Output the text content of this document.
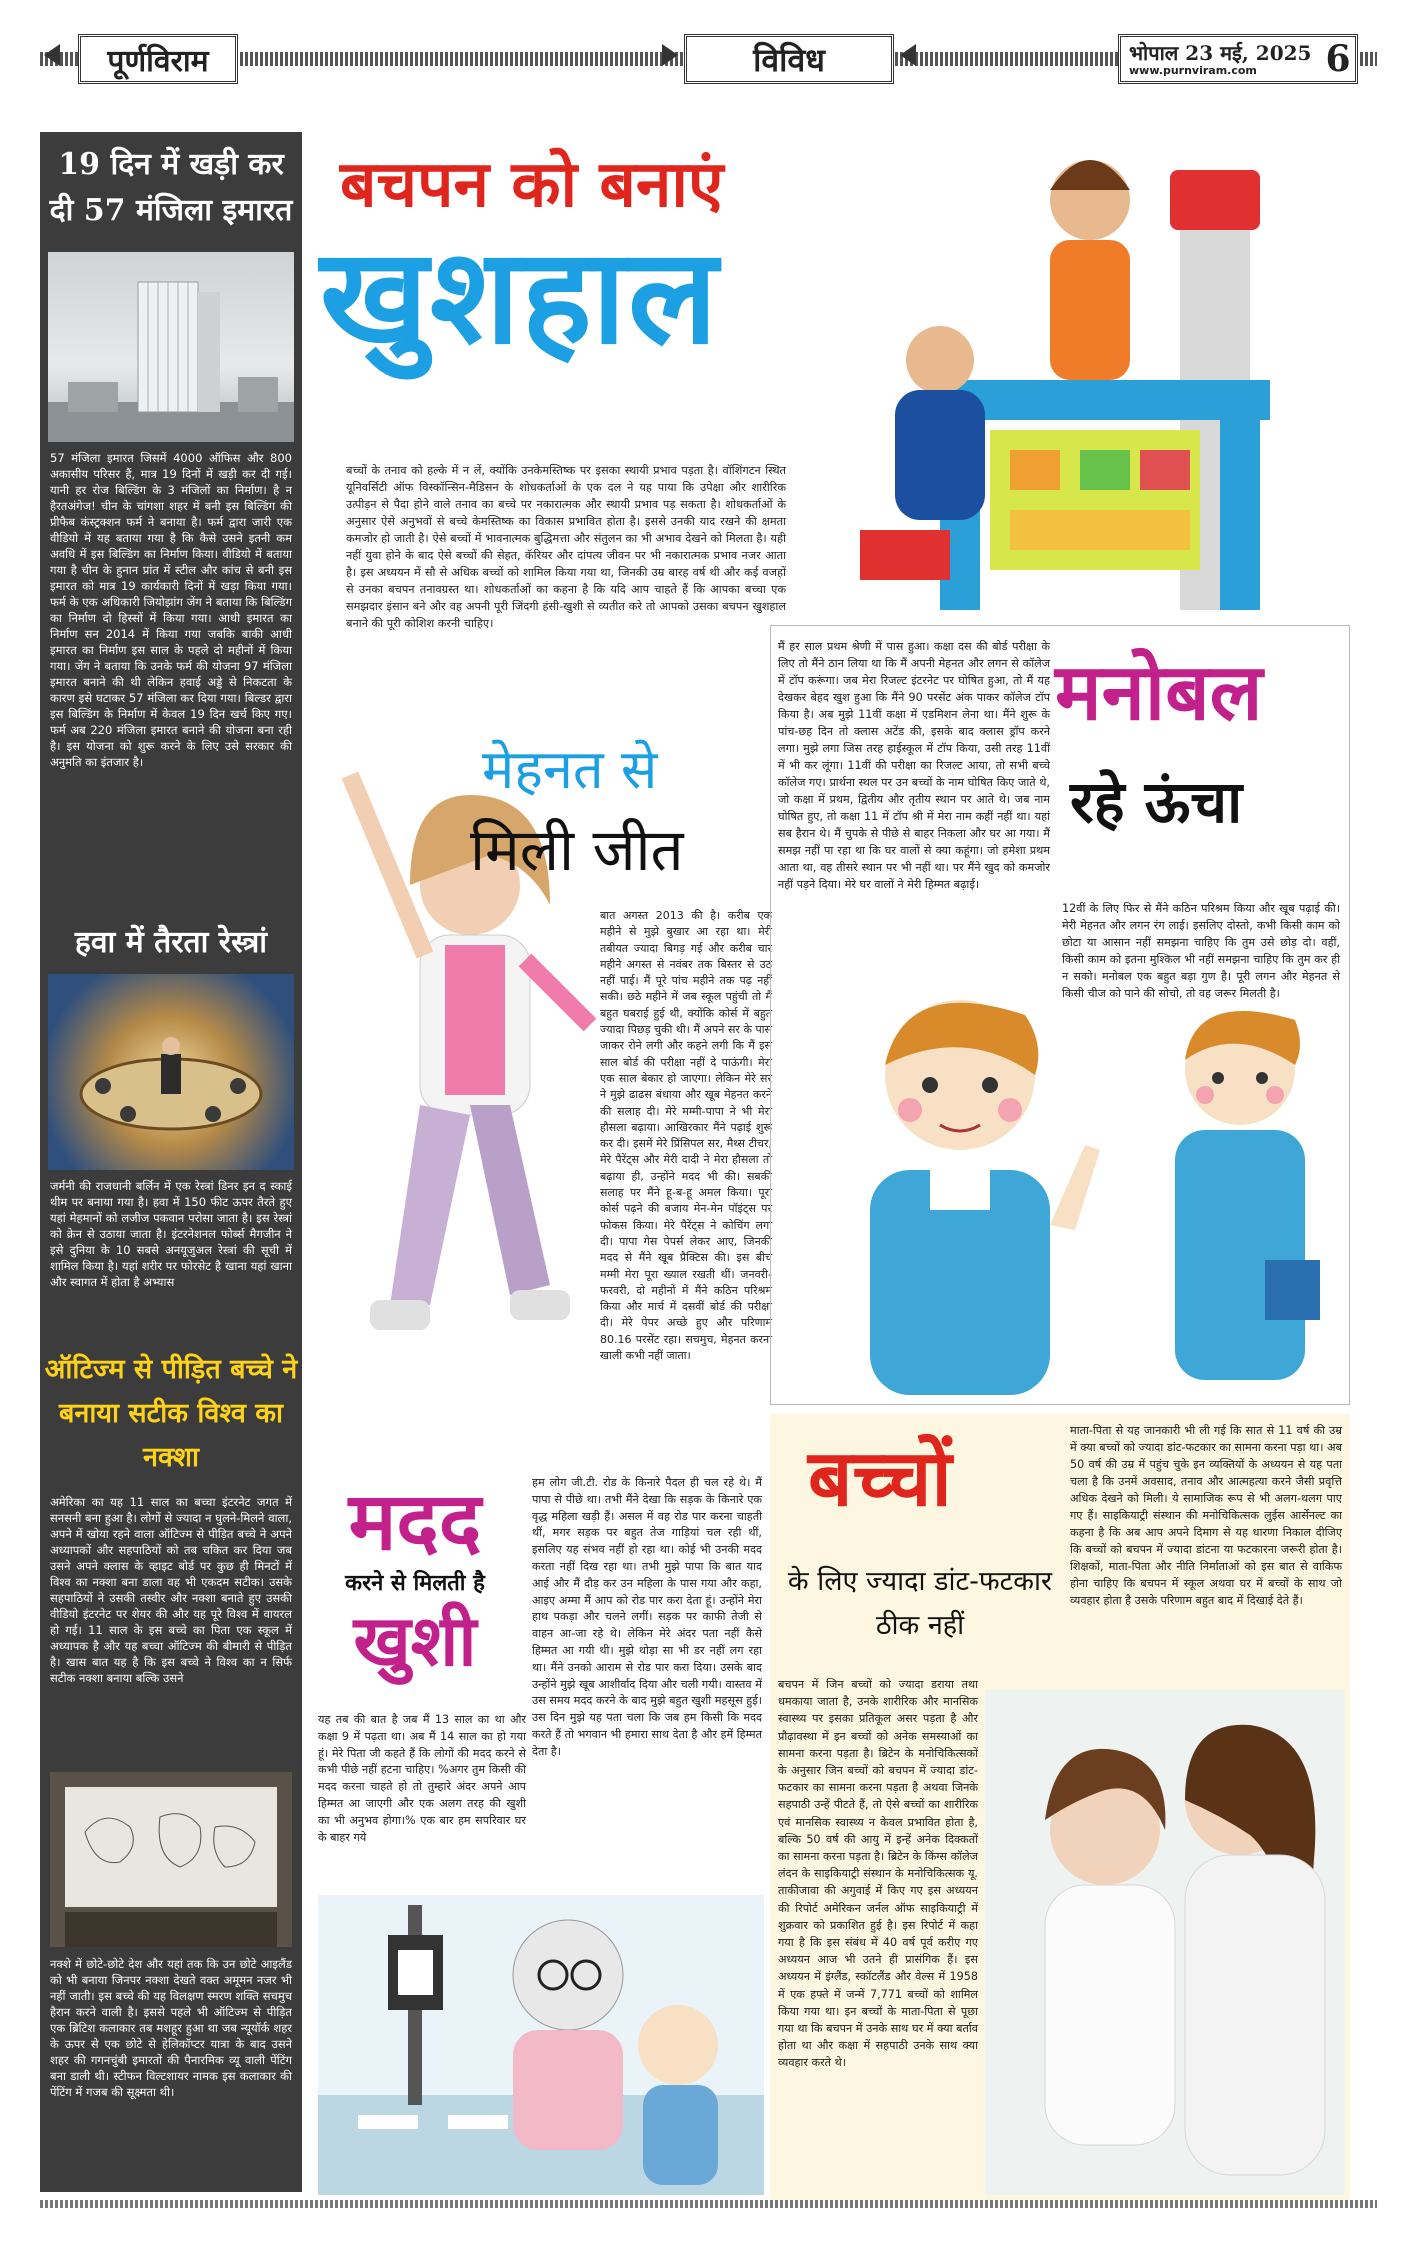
पूर्णविराम	विविध	भोपाल 23 मई, 2025
www.purnviram.com	6
19 दिन में खड़ी कर दी 57 मंजिला इमारत
57 मंजिला इमारत जिसमें 4000 ऑफिस और 800 अकासीय परिसर हैं, मात्र 19 दिनों में खड़ी कर दी गई। यानी हर रोज बिल्डिंग के 3 मंजिलों का निर्माण। है न हैरतअंगेज! चीन के चांगशा शहर में बनी इस बिल्डिंग की प्रीफैब कंस्ट्रक्शन फर्म ने बनाया है। फर्म द्वारा जारी एक वीडियो में यह बताया गया है कि कैसे उसने इतनी कम अवधि में इस बिल्डिंग का निर्माण किया। वीडियो में बताया गया है चीन के हुनान प्रांत में स्टील और कांच से बनी इस इमारत को मात्र 19 कार्यकारी दिनों में खड़ा किया गया। फर्म के एक अधिकारी जियोझांग जेंग ने बताया कि बिल्डिंग का निर्माण दो हिस्सों में किया गया। आधी इमारत का निर्माण सन 2014 में किया गया जबकि बाकी आधी इमारत का निर्माण इस साल के पहले दो महीनों में किया गया। जेंग ने बताया कि उनके फर्म की योजना 97 मंजिला इमारत बनाने की थी लेकिन हवाई अड्डे से निकटता के कारण इसे घटाकर 57 मंजिला कर दिया गया। बिल्डर द्वारा इस बिल्डिंग के निर्माण में केवल 19 दिन खर्च किए गए। फर्म अब 220 मंजिला इमारत बनाने की योजना बना रही है। इस योजना को शुरू करने के लिए उसे सरकार की अनुमति का इंतजार है।
हवा में तैरता रेस्त्रां
जर्मनी की राजधानी बर्लिन में एक रेस्त्रां डिनर इन द स्काई थीम पर बनाया गया है। हवा में 150 फीट ऊपर तैरते हुए यहां मेहमानों को लजीज पकवान परोसा जाता है। इस रेस्त्रां को क्रेन से उठाया जाता है। इंटरनेशनल फोर्ब्स मैगजीन ने इसे दुनिया के 10 सबसे अनयूजुअल रेस्त्रां की सूची में शामिल किया है। यहां शरीर पर फोरसेट है खाना यहां खाना और स्वागत में होता है अभ्यास
ऑटिज्म से पीड़ित बच्चे ने बनाया सटीक विश्व का नक्शा
अमेरिका का यह 11 साल का बच्चा इंटरनेट जगत में सनसनी बना हुआ है। लोगों से ज्यादा न घुलने-मिलने वाला, अपने में खोया रहने वाला ऑटिज्म से पीड़ित बच्चे ने अपने अध्यापकों और सहपाठियों को तब चकित कर दिया जब उसने अपने क्लास के व्हाइट बोर्ड पर कुछ ही मिनटों में विश्व का नक्शा बना डाला वह भी एकदम सटीक। उसके सहपाठियों ने उसकी तस्वीर और नक्शा बनाते हुए उसकी वीडियो इंटरनेट पर शेयर की और यह पूरे विश्व में वायरल हो गई। 11 साल के इस बच्चे का पिता एक स्कूल में अध्यापक है और यह बच्चा ऑटिज्म की बीमारी से पीड़ित है। खास बात यह है कि इस बच्चे ने विश्व का न सिर्फ सटीक नक्शा बनाया बल्कि उसने
नक्शे में छोटे-छोटे देश और यहां तक कि उन छोटे आइलैंड को भी बनाया जिनपर नक्शा देखते वक्त अमूमन नजर भी नहीं जाती। इस बच्चे की यह विलक्षण स्मरण शक्ति सचमुच हैरान करने वाली है। इससे पहले भी ऑटिज्म से पीड़ित एक ब्रिटिश कलाकार तब मशहूर हुआ था जब न्यूयॉर्क शहर के ऊपर से एक छोटे से हेलिकॉप्टर यात्रा के बाद उसने शहर की गगनचुंबी इमारतों की पैनारमिक व्यू वाली पेंटिंग बना डाली थी। स्टीफन विल्टशायर नामक इस कलाकार की पेंटिंग में गजब की सूक्ष्मता थी।
बचपन को बनाएं
खुशहाल
बच्चों के तनाव को हल्के में न लें, क्योंकि उनकेमस्तिष्क पर इसका स्थायी प्रभाव पड़ता है। वॉशिंगटन स्थित यूनिवर्सिटी ऑफ विस्कॉन्सिन-मैडिसन के शोधकर्ताओं के एक दल ने यह पाया कि उपेक्षा और शारीरिक उत्पीड़न से पैदा होने वाले तनाव का बच्चे पर नकारात्मक और स्थायी प्रभाव पड़ सकता है। शोधकर्ताओं के अनुसार ऐसे अनुभवों से बच्चे केमस्तिष्क का विकास प्रभावित होता है। इससे उनकी याद रखने की क्षमता कमजोर हो जाती है। ऐसे बच्चों में भावनात्मक बुद्धिमत्ता और संतुलन का भी अभाव देखने को मिलता है। यही नहीं युवा होने के बाद ऐसे बच्चों की सेहत, कॅरियर और दांपत्य जीवन पर भी नकारात्मक प्रभाव नजर आता है। इस अध्ययन में सौ से अधिक बच्चों को शामिल किया गया था, जिनकी उम्र बारह वर्ष थी और कई वजहों से उनका बचपन तनावग्रस्त था। शोधकर्ताओं का कहना है कि यदि आप चाहते हैं कि आपका बच्चा एक समझदार इंसान बने और वह अपनी पूरी जिंदगी हंसी-खुशी से व्यतीत करे तो आपको उसका बचपन खुशहाल बनाने की पूरी कोशिश करनी चाहिए।
मेहनत से
मिली जीत
बात अगस्त 2013 की है। करीब एक महीने से मुझे बुखार आ रहा था। मेरी तबीयत ज्यादा बिगड़ गई और करीब चार महीने अगस्त से नवंबर तक बिस्तर से उठ नहीं पाई। मैं पूरे पांच महीने तक पढ़ नहीं सकी। छठे महीने में जब स्कूल पहुंची तो मैं बहुत घबराई हुई थी, क्योंकि कोर्स में बहुत ज्यादा पिछड़ चुकी थी। मैं अपने सर के पास जाकर रोने लगी और कहने लगी कि मैं इस साल बोर्ड की परीक्षा नहीं दे पाऊंगी। मेरा एक साल बेकार हो जाएगा। लेकिन मेरे सर ने मुझे ढाढस बंधाया और खूब मेहनत करने की सलाह दी। मेरे मम्मी-पापा ने भी मेरा हौसला बढ़ाया। आखिरकार मैंने पढ़ाई शुरू कर दी। इसमें मेरे प्रिंसिपल सर, मैथ्स टीचर, मेरे पैरेंट्स और मेरी दादी ने मेरा हौसला तो बढ़ाया ही, उन्होंने मदद भी की। सबकी सलाह पर मैंने हू-ब-हू अमल किया। पूरा कोर्स पढ़ने की बजाय मेन-मेन पॉइंट्स पर फोकस किया। मेरे पैरेंट्स ने कोचिंग लगा दी। पापा गेस पेपर्स लेकर आए, जिनकी मदद से मैंने खूब प्रैक्टिस की। इस बीच मम्मी मेरा पूरा ख्याल रखती थीं। जनवरी-फरवरी, दो महीनों में मैंने कठिन परिश्रम किया और मार्च में दसवीं बोर्ड की परीक्षा दी। मेरे पेपर अच्छे हुए और परिणाम 80.16 परसेंट रहा। सचमुच, मेहनत करना खाली कभी नहीं जाता।
मैं हर साल प्रथम श्रेणी में पास हुआ। कक्षा दस की बोर्ड परीक्षा के लिए तो मैंने ठान लिया था कि मैं अपनी मेहनत और लगन से कॉलेज में टॉप करूंगा। जब मेरा रिजल्ट इंटरनेट पर घोषित हुआ, तो मैं यह देखकर बेहद खुश हुआ कि मैंने 90 परसेंट अंक पाकर कॉलेज टॉप किया है। अब मुझे 11वीं कक्षा में एडमिशन लेना था। मैंने शुरू के पांच-छह दिन तो क्लास अटेंड की, इसके बाद क्लास ड्रॉप करने लगा। मुझे लगा जिस तरह हाईस्कूल में टॉप किया, उसी तरह 11वीं में भी कर लूंगा। 11वीं की परीक्षा का रिजल्ट आया, तो सभी बच्चे कॉलेज गए। प्रार्थना स्थल पर उन बच्चों के नाम घोषित किए जाते थे, जो कक्षा में प्रथम, द्वितीय और तृतीय स्थान पर आते थे। जब नाम घोषित हुए, तो कक्षा 11 में टॉप श्री में मेरा नाम कहीं नहीं था। यहां सब हैरान थे। मैं चुपके से पीछे से बाहर निकला और घर आ गया। मैं समझ नहीं पा रहा था कि घर वालों से क्या कहूंगा। जो हमेशा प्रथम आता था, वह तीसरे स्थान पर भी नहीं था। पर मैंने खुद को कमजोर नहीं पड़ने दिया। मेरे घर वालों ने मेरी हिम्मत बढ़ाई।
मनोबल
रहे ऊंचा
12वीं के लिए फिर से मैंने कठिन परिश्रम किया और खूब पढ़ाई की। मेरी मेहनत और लगन रंग लाई। इसलिए दोस्तो, कभी किसी काम को छोटा या आसान नहीं समझना चाहिए कि तुम उसे छोड़ दो। वहीं, किसी काम को इतना मुश्किल भी नहीं समझना चाहिए कि तुम कर ही न सको। मनोबल एक बहुत बड़ा गुण है। पूरी लगन और मेहनत से किसी चीज को पाने की सोचो, तो वह जरूर मिलती है।
मदद
करने से मिलती है
खुशी
हम लोग जी.टी. रोड के किनारे पैदल ही चल रहे थे। मैं पापा से पीछे था। तभी मैंने देखा कि सड़क के किनारे एक वृद्ध महिला खड़ी हैं। असल में वह रोड पार करना चाहती थीं, मगर सड़क पर बहुत तेज गाड़ियां चल रही थीं, इसलिए यह संभव नहीं हो रहा था। कोई भी उनकी मदद करता नहीं दिख रहा था। तभी मुझे पापा कि बात याद आई और मैं दौड़ कर उन महिला के पास गया और कहा, आइए अम्मा मैं आप को रोड पार करा देता हूं। उन्होंने मेरा हाथ पकड़ा और चलने लगीं। सड़क पर काफी तेजी से वाहन आ-जा रहे थे। लेकिन मेरे अंदर पता नहीं कैसे हिम्मत आ गयी थी। मुझे थोड़ा सा भी डर नहीं लग रहा था। मैंने उनको आराम से रोड पार करा दिया। उसके बाद उन्होंने मुझे खूब आशीर्वाद दिया और चली गयी। वास्तव में उस समय मदद करने के बाद मुझे बहुत खुशी महसूस हुई। उस दिन मुझे यह पता चला कि जब हम किसी कि मदद करते हैं तो भगवान भी हमारा साथ देता है और हमें हिम्मत देता है।
यह तब की बात है जब मैं 13 साल का था और कक्षा 9 में पढ़ता था। अब मैं 14 साल का हो गया हूं। मेरे पिता जी कहते हैं कि लोगों की मदद करने से कभी पीछे नहीं हटना चाहिए। %अगर तुम किसी की मदद करना चाहते हो तो तुम्हारे अंदर अपने आप हिम्मत आ जाएगी और एक अलग तरह की खुशी का भी अनुभव होगा।% एक बार हम सपरिवार घर के बाहर गये
बच्चों
के लिए ज्यादा डांट-फटकार ठीक नहीं
माता-पिता से यह जानकारी भी ली गई कि सात से 11 वर्ष की उम्र में क्या बच्चों को ज्यादा डांट-फटकार का सामना करना पड़ा था। अब 50 वर्ष की उम्र में पहुंच चुके इन व्यक्तियों के अध्ययन से यह पता चला है कि उनमें अवसाद, तनाव और आत्महत्या करने जैसी प्रवृत्ति अधिक देखने को मिली। ये सामाजिक रूप से भी अलग-थलग पाए गए हैं। साइकियाट्री संस्थान की मनोचिकित्सक लुईस आर्सेनल्ट का कहना है कि अब आप अपने दिमाग से यह धारणा निकाल दीजिए कि बच्चों को बचपन में ज्यादा डांटना या फटकारना जरूरी होता है। शिक्षकों, माता-पिता और नीति निर्माताओं को इस बात से वाकिफ होना चाहिए कि बचपन में स्कूल अथवा घर में बच्चों के साथ जो व्यवहार होता है उसके परिणाम बहुत बाद में दिखाई देते हैं।
बचपन में जिन बच्चों को ज्यादा डराया तथा धमकाया जाता है, उनके शारीरिक और मानसिक स्वास्थ्य पर इसका प्रतिकूल असर पड़ता है और प्रौढ़ावस्था में इन बच्चों को अनेक समस्याओं का सामना करना पड़ता है। ब्रिटेन के मनोचिकित्सकों के अनुसार जिन बच्चों को बचपन में ज्यादा डांट-फटकार का सामना करना पड़ता है अथवा जिनके सहपाठी उन्हें पीटते हैं, तो ऐसे बच्चों का शारीरिक एवं मानसिक स्वास्थ्य न केवल प्रभावित होता है, बल्कि 50 वर्ष की आयु में इन्हें अनेक दिक्कतों का सामना करना पड़ता है। ब्रिटेन के किंग्स कॉलेज लंदन के साइकियाट्री संस्थान के मनोचिकित्सक यू. ताकीजावा की अगुवाई में किए गए इस अध्ययन की रिपोर्ट अमेरिकन जर्नल ऑफ साइकियाट्री में शुक्रवार को प्रकाशित हुई है। इस रिपोर्ट में कहा गया है कि इस संबंध में 40 वर्ष पूर्व करीए गए अध्ययन आज भी उतने ही प्रासंगिक हैं। इस अध्ययन में इंग्लैंड, स्कॉटलैंड और वेल्स में 1958 में एक हफ्ते में जन्में 7,771 बच्चों को शामिल किया गया था। इन बच्चों के माता-पिता से पूछा गया था कि बचपन में उनके साथ घर में क्या बर्ताव होता था और कक्षा में सहपाठी उनके साथ क्या व्यवहार करते थे।
